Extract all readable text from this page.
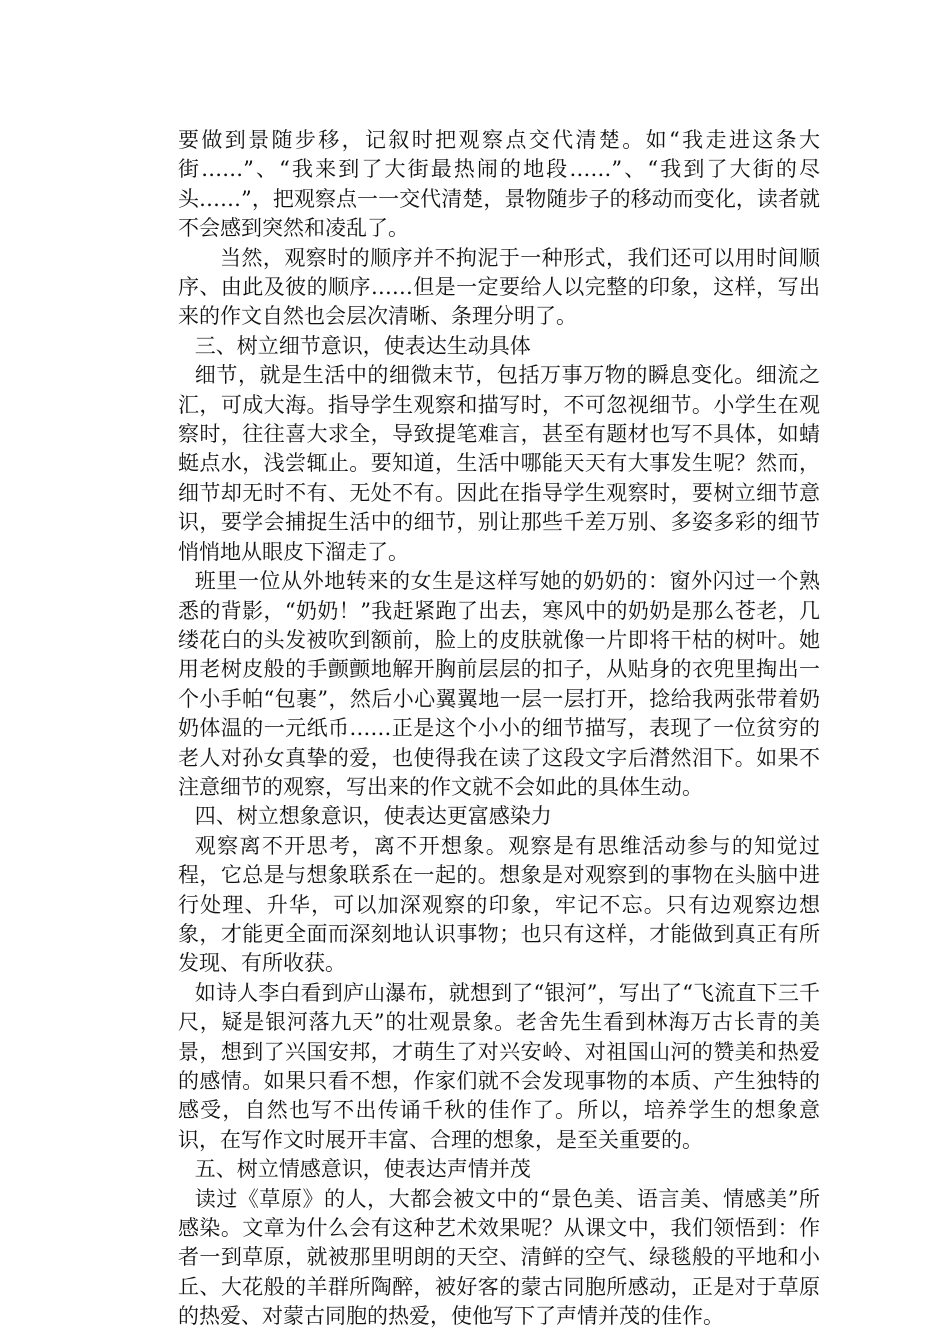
要做到景随步移，记叙时把观察点交代清楚。如“我走进这条大街……”、“我来到了大街最热闹的地段……”、“我到了大街的尽头……”，把观察点一一交代清楚，景物随步子的移动而变化，读者就不会感到突然和凌乱了。

当然，观察时的顺序并不拘泥于一种形式，我们还可以用时间顺序、由此及彼的顺序……但是一定要给人以完整的印象，这样，写出来的作文自然也会层次清晰、条理分明了。

三、树立细节意识，使表达生动具体

细节，就是生活中的细微末节，包括万事万物的瞬息变化。细流之汇，可成大海。指导学生观察和描写时，不可忽视细节。小学生在观察时，往往喜大求全，导致提笔难言，甚至有题材也写不具体，如蜻蜓点水，浅尝辄止。要知道，生活中哪能天天有大事发生呢？然而，细节却无时不有、无处不有。因此在指导学生观察时，要树立细节意识，要学会捕捉生活中的细节，别让那些千差万别、多姿多彩的细节悄悄地从眼皮下溜走了。

班里一位从外地转来的女生是这样写她的奶奶的：窗外闪过一个熟悉的背影，“奶奶！”我赶紧跑了出去，寒风中的奶奶是那么苍老，几缕花白的头发被吹到额前，脸上的皮肤就像一片即将干枯的树叶。她用老树皮般的手颤颤地解开胸前层层的扣子，从贴身的衣兜里掏出一个小手帕“包裹”，然后小心翼翼地一层一层打开，捻给我两张带着奶奶体温的一元纸币……正是这个小小的细节描写，表现了一位贫穷的老人对孙女真挚的爱，也使得我在读了这段文字后潸然泪下。如果不注意细节的观察，写出来的作文就不会如此的具体生动。

四、树立想象意识，使表达更富感染力

观察离不开思考，离不开想象。观察是有思维活动参与的知觉过程，它总是与想象联系在一起的。想象是对观察到的事物在头脑中进行处理、升华，可以加深观察的印象，牢记不忘。只有边观察边想象，才能更全面而深刻地认识事物；也只有这样，才能做到真正有所发现、有所收获。

如诗人李白看到庐山瀑布，就想到了“银河”，写出了“飞流直下三千尺，疑是银河落九天”的壮观景象。老舍先生看到林海万古长青的美景，想到了兴国安邦，才萌生了对兴安岭、对祖国山河的赞美和热爱的感情。如果只看不想，作家们就不会发现事物的本质、产生独特的感受，自然也写不出传诵千秋的佳作了。所以，培养学生的想象意识，在写作文时展开丰富、合理的想象，是至关重要的。

五、树立情感意识，使表达声情并茂

读过《草原》的人，大都会被文中的“景色美、语言美、情感美”所感染。文章为什么会有这种艺术效果呢？从课文中，我们领悟到：作者一到草原，就被那里明朗的天空、清鲜的空气、绿毯般的平地和小丘、大花般的羊群所陶醉，被好客的蒙古同胞所感动，正是对于草原的热爱、对蒙古同胞的热爱，使他写下了声情并茂的佳作。
